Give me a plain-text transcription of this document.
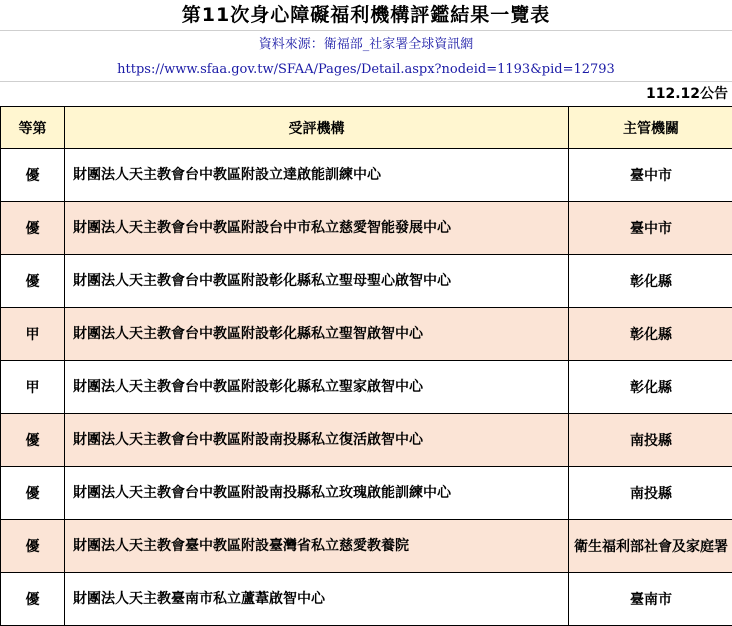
第11次身心障礙福利機構評鑑結果一覽表
資料來源：衛福部_社家署全球資訊網
https://www.sfaa.gov.tw/SFAA/Pages/Detail.aspx?nodeid=1193&pid=12793
112.12公告
等第	受評機構	主管機關
優	財團法人天主教會台中教區附設立達啟能訓練中心	臺中市
優	財團法人天主教會台中教區附設台中市私立慈愛智能發展中心	臺中市
優	財團法人天主教會台中教區附設彰化縣私立聖母聖心啟智中心	彰化縣
甲	財團法人天主教會台中教區附設彰化縣私立聖智啟智中心	彰化縣
甲	財團法人天主教會台中教區附設彰化縣私立聖家啟智中心	彰化縣
優	財團法人天主教會台中教區附設南投縣私立復活啟智中心	南投縣
優	財團法人天主教會台中教區附設南投縣私立玫瑰啟能訓練中心	南投縣
優	財團法人天主教會臺中教區附設臺灣省私立慈愛教養院	衛生福利部社會及家庭署
優	財團法人天主教臺南市私立蘆葦啟智中心	臺南市
